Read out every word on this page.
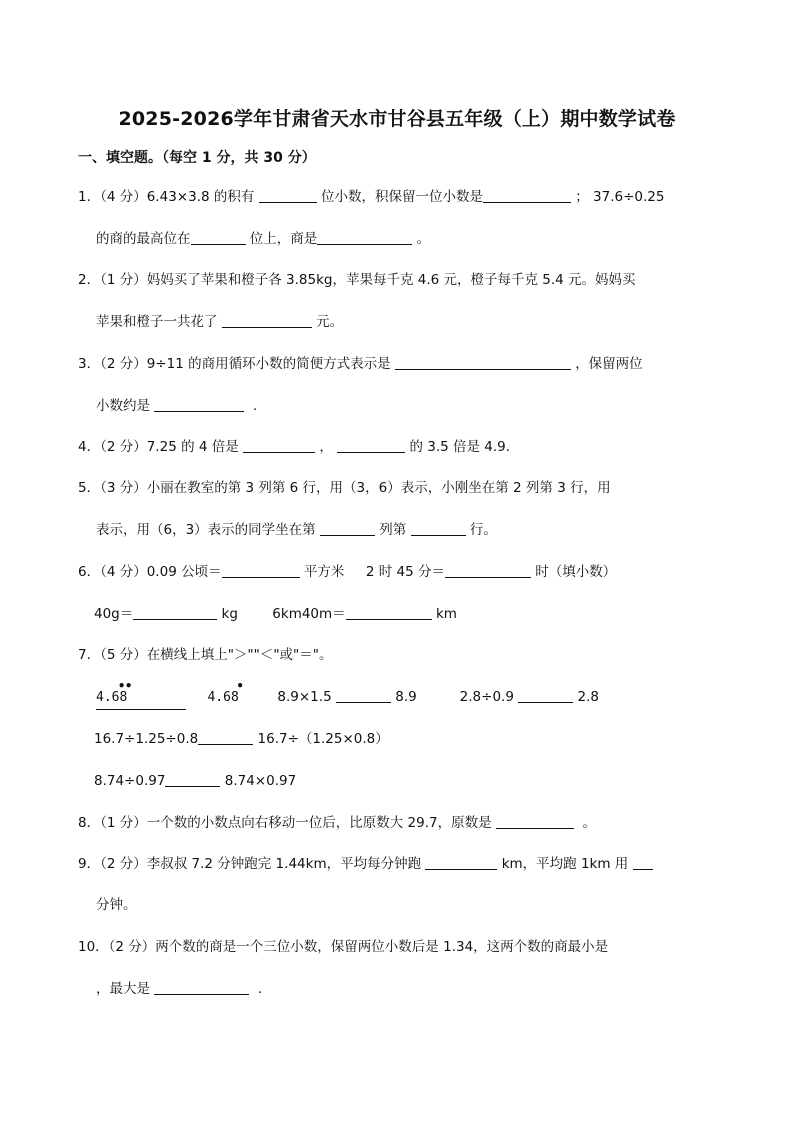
2025-2026学年甘肃省天水市甘谷县五年级（上）期中数学试卷
一、填空题。（每空 1 分，共 30 分）
1．（4 分）6.43×3.8 的积有	位小数，积保留一位小数是	； 37.6÷0.25
的商的最高位在	位上，商是	。
2．（1 分）妈妈买了苹果和橙子各 3.85kg，苹果每千克 4.6 元，橙子每千克 5.4 元。妈妈买
苹果和橙子一共花了	元。
3．（2 分）9÷11 的商用循环小数的简便方式表示是	，保留两位
小数约是	.
4．（2 分）7.25 的 4 倍是	，	的 3.5 倍是 4.9．
5．（3 分）小丽在教室的第 3 列第 6 行，用（3，6）表示，小刚坐在第 2 列第 3 行，用
表示，用（6，3）表示的同学坐在第	列第	行。
6．（4 分）0.09 公顷＝	平方米 2 时 45 分＝	时（填小数）
40g＝	kg	6km40m＝	km
7．（5 分）在横线上填上"＞""＜"或"＝"。
• •
4.68
•
4.68	8.9×1.5	8.9	2.8÷0.9	2.8
16.7÷1.25÷0.8	16.7÷（1.25×0.8）
8.74÷0.97	8.74×0.97
8．（1 分）一个数的小数点向右移动一位后，比原数大 29.7，原数是	。
9．（2 分）李叔叔 7.2 分钟跑完 1.44km，平均每分钟跑	km，平均跑 1km 用
分钟。
10．（2 分）两个数的商是一个三位小数，保留两位小数后是 1.34，这两个数的商最小是
，最大是	.
